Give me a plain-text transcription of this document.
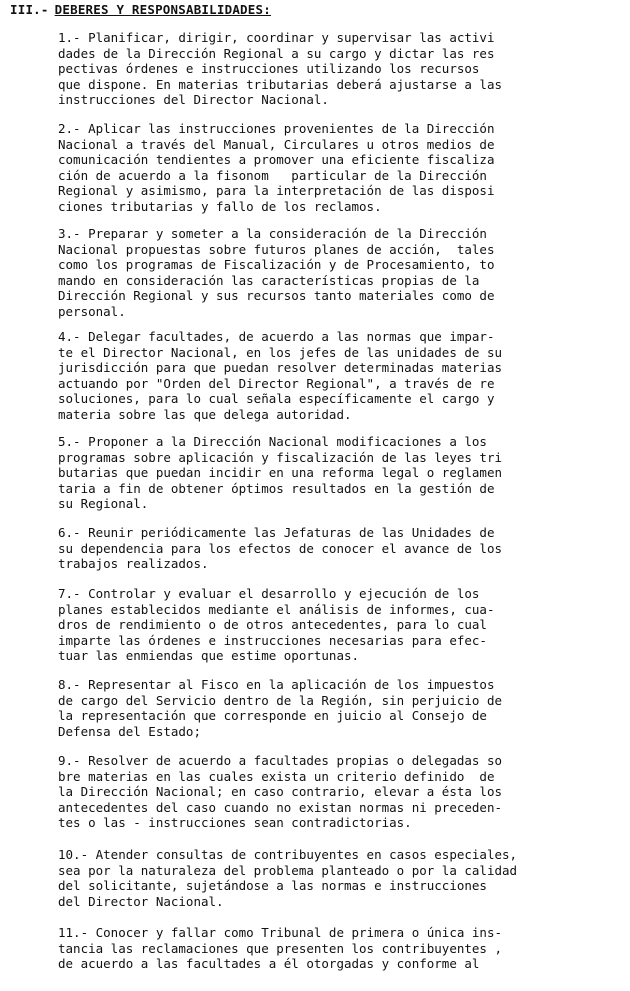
III.- DEBERES Y RESPONSABILIDADES:
1.- Planificar, dirigir, coordinar y supervisar las activi
dades de la Dirección Regional a su cargo y dictar las res
pectivas órdenes e instrucciones utilizando los recursos
que dispone. En materias tributarias deberá ajustarse a las
instrucciones del Director Nacional.
2.- Aplicar las instrucciones provenientes de la Dirección
Nacional a través del Manual, Circulares u otros medios de
comunicación tendientes a promover una eficiente fiscaliza
ción de acuerdo a la fisonom   particular de la Dirección
Regional y asimismo, para la interpretación de las disposi
ciones tributarias y fallo de los reclamos.
3.- Preparar y someter a la consideración de la Dirección
Nacional propuestas sobre futuros planes de acción,  tales
como los programas de Fiscalización y de Procesamiento, to
mando en consideración las características propias de la
Dirección Regional y sus recursos tanto materiales como de
personal.
4.- Delegar facultades, de acuerdo a las normas que impar-
te el Director Nacional, en los jefes de las unidades de su
jurisdicción para que puedan resolver determinadas materias
actuando por "Orden del Director Regional", a través de re
soluciones, para lo cual señala específicamente el cargo y
materia sobre las que delega autoridad.
5.- Proponer a la Dirección Nacional modificaciones a los
programas sobre aplicación y fiscalización de las leyes tri
butarias que puedan incidir en una reforma legal o reglamen
taria a fin de obtener óptimos resultados en la gestión de
su Regional.
6.- Reunir periódicamente las Jefaturas de las Unidades de
su dependencia para los efectos de conocer el avance de los
trabajos realizados.
7.- Controlar y evaluar el desarrollo y ejecución de los
planes establecidos mediante el análisis de informes, cua-
dros de rendimiento o de otros antecedentes, para lo cual
imparte las órdenes e instrucciones necesarias para efec-
tuar las enmiendas que estime oportunas.
8.- Representar al Fisco en la aplicación de los impuestos
de cargo del Servicio dentro de la Región, sin perjuicio de
la representación que corresponde en juicio al Consejo de
Defensa del Estado;
9.- Resolver de acuerdo a facultades propias o delegadas so
bre materias en las cuales exista un criterio definido  de
la Dirección Nacional; en caso contrario, elevar a ésta los
antecedentes del caso cuando no existan normas ni preceden-
tes o las - instrucciones sean contradictorias.
10.- Atender consultas de contribuyentes en casos especiales,
sea por la naturaleza del problema planteado o por la calidad
del solicitante, sujetándose a las normas e instrucciones
del Director Nacional.
11.- Conocer y fallar como Tribunal de primera o única ins-
tancia las reclamaciones que presenten los contribuyentes ,
de acuerdo a las facultades a él otorgadas y conforme al
